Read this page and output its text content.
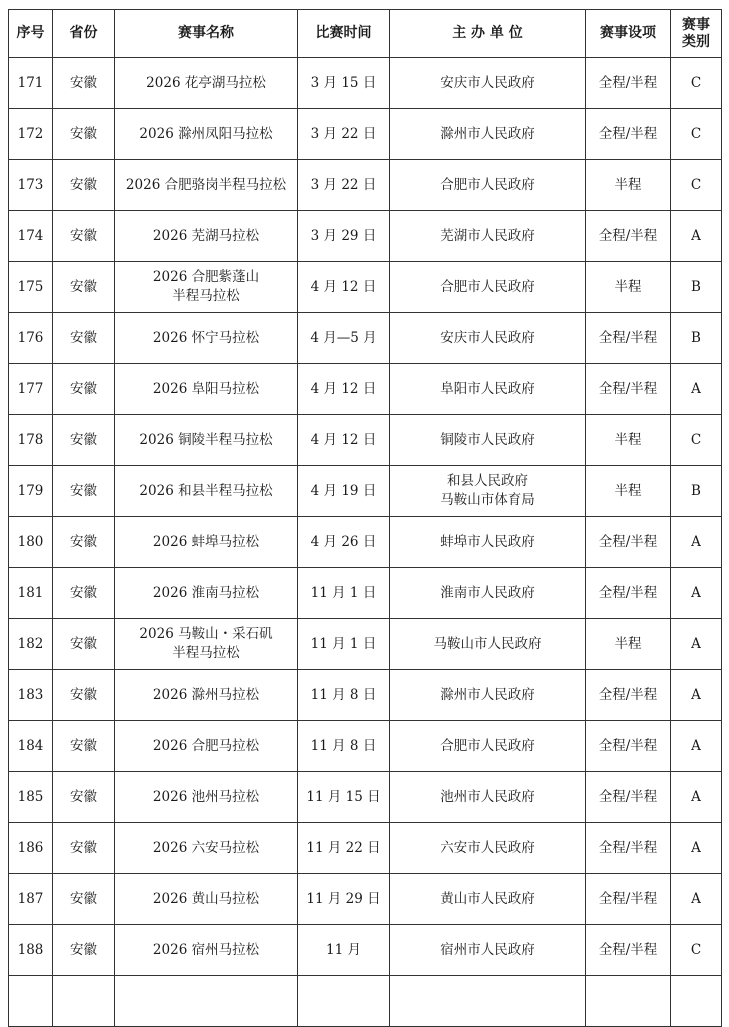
序号	省份	赛事名称	比赛时间	主 办 单 位	赛事设项	赛事
类别

171	安徽	2026 花亭湖马拉松	3 月 15 日	安庆市人民政府	全程/半程	C
172	安徽	2026 滁州凤阳马拉松	3 月 22 日	滁州市人民政府	全程/半程	C
173	安徽	2026 合肥骆岗半程马拉松	3 月 22 日	合肥市人民政府	半程	C
174	安徽	2026 芜湖马拉松	3 月 29 日	芜湖市人民政府	全程/半程	A
175	安徽	2026 合肥紫蓬山
半程马拉松	4 月 12 日	合肥市人民政府	半程	B
176	安徽	2026 怀宁马拉松	4 月—5 月	安庆市人民政府	全程/半程	B
177	安徽	2026 阜阳马拉松	4 月 12 日	阜阳市人民政府	全程/半程	A
178	安徽	2026 铜陵半程马拉松	4 月 12 日	铜陵市人民政府	半程	C
179	安徽	2026 和县半程马拉松	4 月 19 日	和县人民政府
马鞍山市体育局	半程	B
180	安徽	2026 蚌埠马拉松	4 月 26 日	蚌埠市人民政府	全程/半程	A
181	安徽	2026 淮南马拉松	11 月 1 日	淮南市人民政府	全程/半程	A
182	安徽	2026 马鞍山・采石矶
半程马拉松	11 月 1 日	马鞍山市人民政府	半程	A
183	安徽	2026 滁州马拉松	11 月 8 日	滁州市人民政府	全程/半程	A
184	安徽	2026 合肥马拉松	11 月 8 日	合肥市人民政府	全程/半程	A
185	安徽	2026 池州马拉松	11 月 15 日	池州市人民政府	全程/半程	A
186	安徽	2026 六安马拉松	11 月 22 日	六安市人民政府	全程/半程	A
187	安徽	2026 黄山马拉松	11 月 29 日	黄山市人民政府	全程/半程	A
188	安徽	2026 宿州马拉松	11 月	宿州市人民政府	全程/半程	C
